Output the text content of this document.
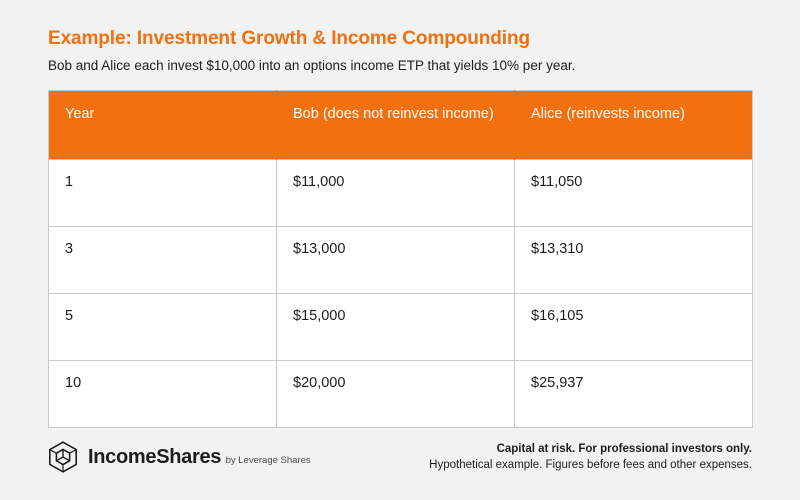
Example: Investment Growth & Income Compounding

Bob and Alice each invest $10,000 into an options income ETP that yields 10% per year.

Year	Bob (does not reinvest income)	Alice (reinvests income)
1	$11,000	$11,050
3	$13,000	$13,310
5	$15,000	$16,105
10	$20,000	$25,937
IncomeShares by Leverage Shares
Capital at risk. For professional investors only.
Hypothetical example. Figures before fees and other expenses.
